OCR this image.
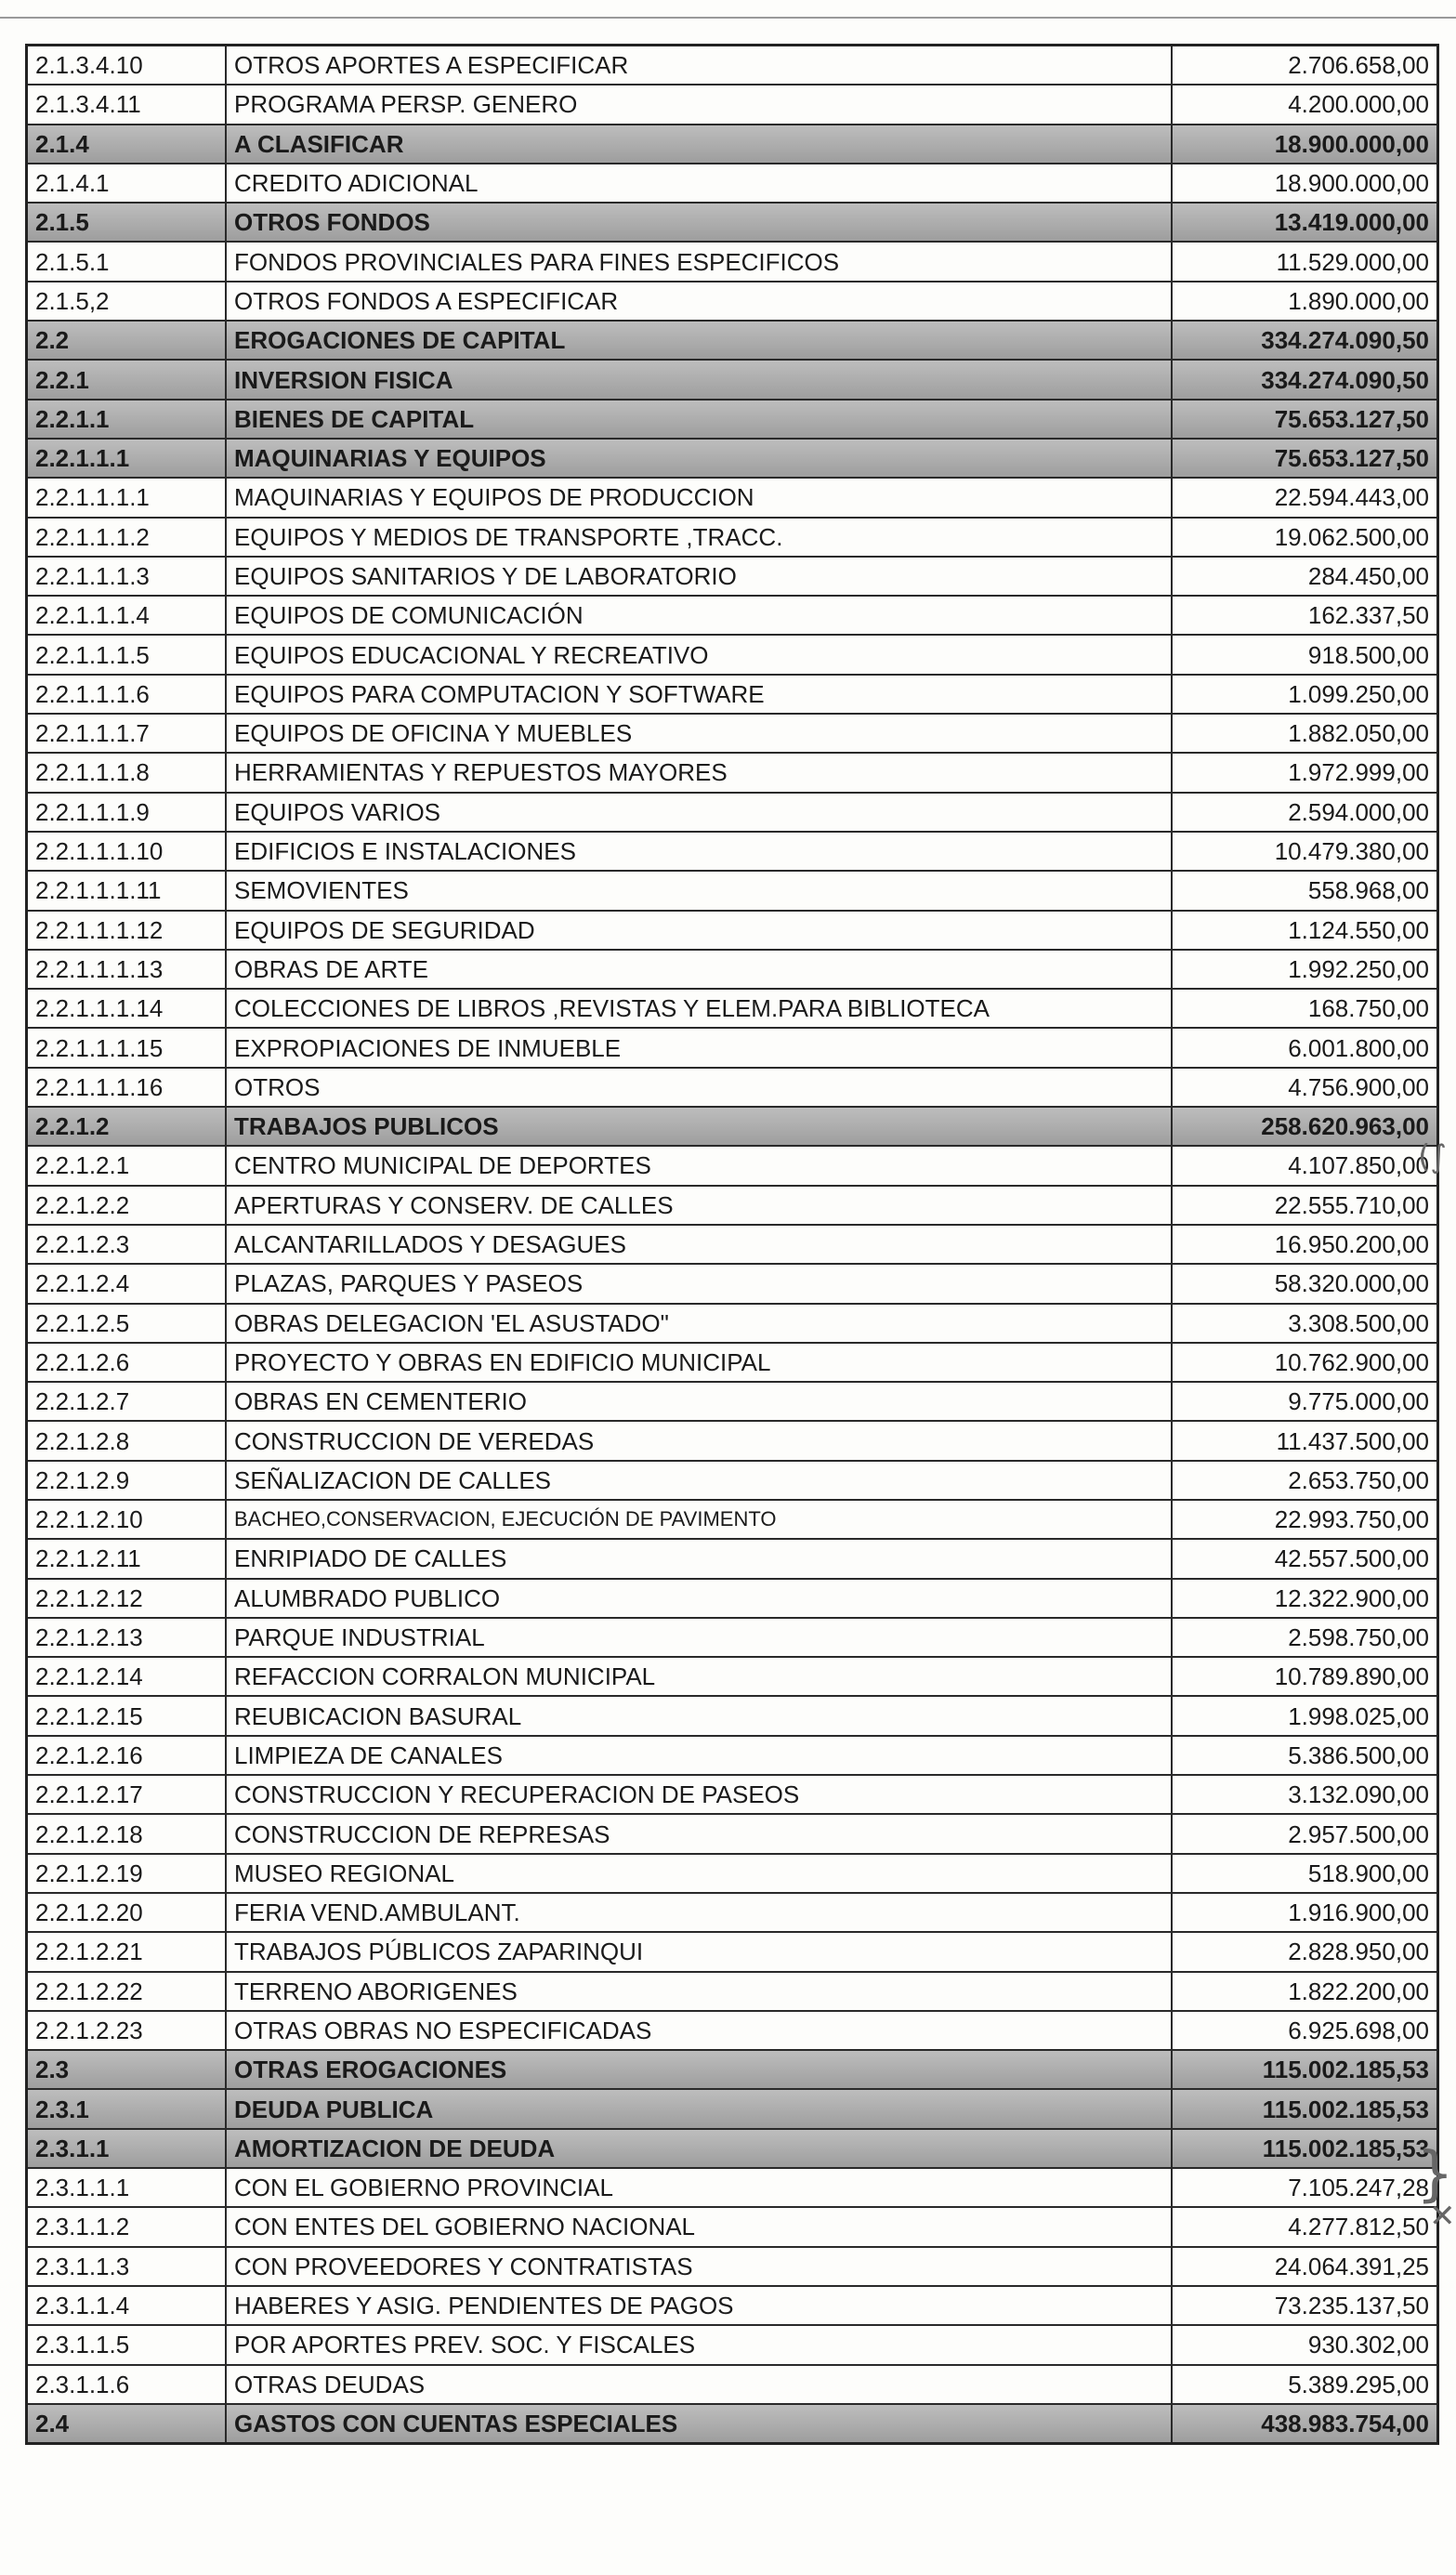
2.1.3.4.10	OTROS APORTES A ESPECIFICAR	2.706.658,00
2.1.3.4.11	PROGRAMA PERSP. GENERO	4.200.000,00
2.1.4	A CLASIFICAR	18.900.000,00
2.1.4.1	CREDITO ADICIONAL	18.900.000,00
2.1.5	OTROS FONDOS	13.419.000,00
2.1.5.1	FONDOS PROVINCIALES PARA FINES ESPECIFICOS	11.529.000,00
2.1.5,2	OTROS FONDOS A ESPECIFICAR	1.890.000,00
2.2	EROGACIONES DE CAPITAL	334.274.090,50
2.2.1	INVERSION FISICA	334.274.090,50
2.2.1.1	BIENES DE CAPITAL	75.653.127,50
2.2.1.1.1	MAQUINARIAS Y EQUIPOS	75.653.127,50
2.2.1.1.1.1	MAQUINARIAS Y EQUIPOS DE PRODUCCION	22.594.443,00
2.2.1.1.1.2	EQUIPOS Y MEDIOS DE TRANSPORTE ,TRACC.	19.062.500,00
2.2.1.1.1.3	EQUIPOS SANITARIOS Y DE LABORATORIO	284.450,00
2.2.1.1.1.4	EQUIPOS DE COMUNICACIÓN	162.337,50
2.2.1.1.1.5	EQUIPOS EDUCACIONAL Y RECREATIVO	918.500,00
2.2.1.1.1.6	EQUIPOS PARA COMPUTACION Y SOFTWARE	1.099.250,00
2.2.1.1.1.7	EQUIPOS DE OFICINA Y MUEBLES	1.882.050,00
2.2.1.1.1.8	HERRAMIENTAS Y REPUESTOS MAYORES	1.972.999,00
2.2.1.1.1.9	EQUIPOS VARIOS	2.594.000,00
2.2.1.1.1.10	EDIFICIOS E INSTALACIONES	10.479.380,00
2.2.1.1.1.11	SEMOVIENTES	558.968,00
2.2.1.1.1.12	EQUIPOS DE SEGURIDAD	1.124.550,00
2.2.1.1.1.13	OBRAS DE ARTE	1.992.250,00
2.2.1.1.1.14	COLECCIONES DE LIBROS ,REVISTAS Y ELEM.PARA BIBLIOTECA	168.750,00
2.2.1.1.1.15	EXPROPIACIONES DE INMUEBLE	6.001.800,00
2.2.1.1.1.16	OTROS	4.756.900,00
2.2.1.2	TRABAJOS PUBLICOS	258.620.963,00
2.2.1.2.1	CENTRO MUNICIPAL DE DEPORTES	4.107.850,00
2.2.1.2.2	APERTURAS Y CONSERV. DE CALLES	22.555.710,00
2.2.1.2.3	ALCANTARILLADOS Y DESAGUES	16.950.200,00
2.2.1.2.4	PLAZAS, PARQUES Y PASEOS	58.320.000,00
2.2.1.2.5	OBRAS DELEGACION 'EL ASUSTADO"	3.308.500,00
2.2.1.2.6	PROYECTO Y OBRAS EN EDIFICIO MUNICIPAL	10.762.900,00
2.2.1.2.7	OBRAS EN CEMENTERIO	9.775.000,00
2.2.1.2.8	CONSTRUCCION DE VEREDAS	11.437.500,00
2.2.1.2.9	SEÑALIZACION DE CALLES	2.653.750,00
2.2.1.2.10	BACHEO,CONSERVACION, EJECUCIÓN DE PAVIMENTO	22.993.750,00
2.2.1.2.11	ENRIPIADO DE CALLES	42.557.500,00
2.2.1.2.12	ALUMBRADO PUBLICO	12.322.900,00
2.2.1.2.13	PARQUE INDUSTRIAL	2.598.750,00
2.2.1.2.14	REFACCION CORRALON MUNICIPAL	10.789.890,00
2.2.1.2.15	REUBICACION BASURAL	1.998.025,00
2.2.1.2.16	LIMPIEZA DE CANALES	5.386.500,00
2.2.1.2.17	CONSTRUCCION Y RECUPERACION DE PASEOS	3.132.090,00
2.2.1.2.18	CONSTRUCCION DE REPRESAS	2.957.500,00
2.2.1.2.19	MUSEO REGIONAL	518.900,00
2.2.1.2.20	FERIA VEND.AMBULANT.	1.916.900,00
2.2.1.2.21	TRABAJOS PÚBLICOS ZAPARINQUI	2.828.950,00
2.2.1.2.22	TERRENO ABORIGENES	1.822.200,00
2.2.1.2.23	OTRAS OBRAS NO ESPECIFICADAS	6.925.698,00
2.3	OTRAS EROGACIONES	115.002.185,53
2.3.1	DEUDA PUBLICA	115.002.185,53
2.3.1.1	AMORTIZACION DE DEUDA	115.002.185,53
2.3.1.1.1	CON EL GOBIERNO PROVINCIAL	7.105.247,28
2.3.1.1.2	CON ENTES DEL GOBIERNO NACIONAL	4.277.812,50
2.3.1.1.3	CON PROVEEDORES Y CONTRATISTAS	24.064.391,25
2.3.1.1.4	HABERES Y ASIG. PENDIENTES DE PAGOS	73.235.137,50
2.3.1.1.5	POR APORTES PREV. SOC. Y FISCALES	930.302,00
2.3.1.1.6	OTRAS DEUDAS	5.389.295,00
2.4	GASTOS CON CUENTAS ESPECIALES	438.983.754,00
(∫
}
✕
